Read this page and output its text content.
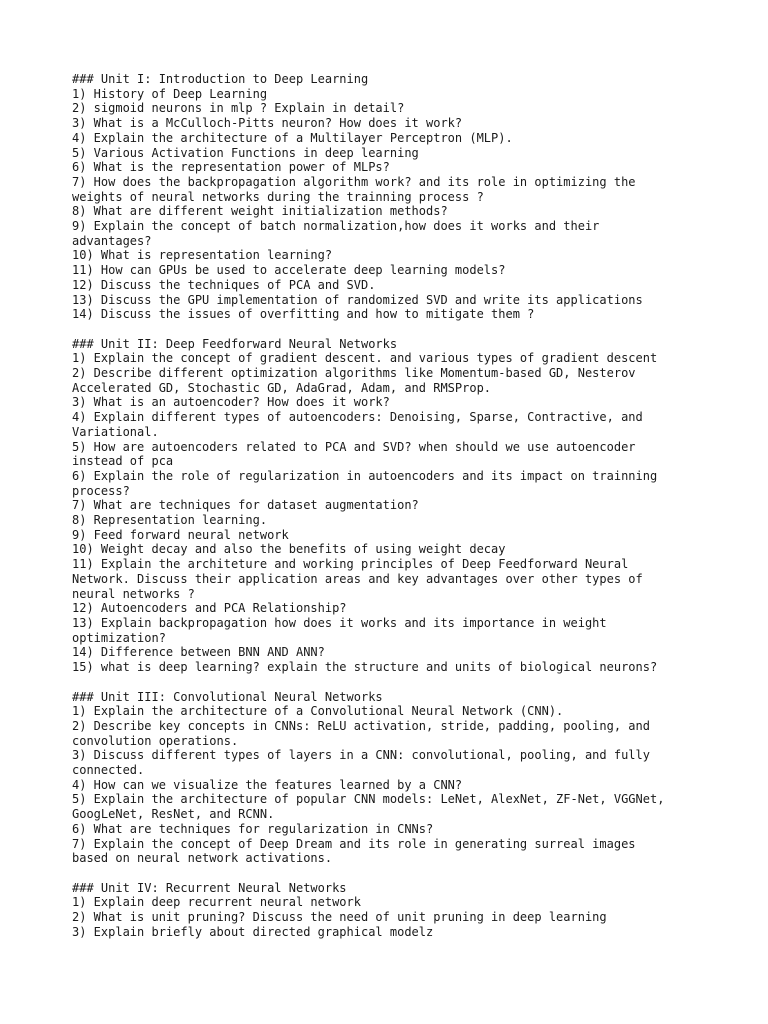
### Unit I: Introduction to Deep Learning
1) History of Deep Learning
2) sigmoid neurons in mlp ? Explain in detail?
3) What is a McCulloch-Pitts neuron? How does it work?
4) Explain the architecture of a Multilayer Perceptron (MLP).
5) Various Activation Functions in deep learning
6) What is the representation power of MLPs?
7) How does the backpropagation algorithm work? and its role in optimizing the
weights of neural networks during the trainning process ?
8) What are different weight initialization methods?
9) Explain the concept of batch normalization,how does it works and their
advantages?
10) What is representation learning?
11) How can GPUs be used to accelerate deep learning models?
12) Discuss the techniques of PCA and SVD.
13) Discuss the GPU implementation of randomized SVD and write its applications
14) Discuss the issues of overfitting and how to mitigate them ?
### Unit II: Deep Feedforward Neural Networks
1) Explain the concept of gradient descent. and various types of gradient descent
2) Describe different optimization algorithms like Momentum-based GD, Nesterov
Accelerated GD, Stochastic GD, AdaGrad, Adam, and RMSProp.
3) What is an autoencoder? How does it work?
4) Explain different types of autoencoders: Denoising, Sparse, Contractive, and
Variational.
5) How are autoencoders related to PCA and SVD? when should we use autoencoder
instead of pca
6) Explain the role of regularization in autoencoders and its impact on trainning
process?
7) What are techniques for dataset augmentation?
8) Representation learning.
9) Feed forward neural network
10) Weight decay and also the benefits of using weight decay
11) Explain the architeture and working principles of Deep Feedforward Neural
Network. Discuss their application areas and key advantages over other types of
neural networks ?
12) Autoencoders and PCA Relationship?
13) Explain backpropagation how does it works and its importance in weight
optimization?
14) Difference between BNN AND ANN?
15) what is deep learning? explain the structure and units of biological neurons?
### Unit III: Convolutional Neural Networks
1) Explain the architecture of a Convolutional Neural Network (CNN).
2) Describe key concepts in CNNs: ReLU activation, stride, padding, pooling, and
convolution operations.
3) Discuss different types of layers in a CNN: convolutional, pooling, and fully
connected.
4) How can we visualize the features learned by a CNN?
5) Explain the architecture of popular CNN models: LeNet, AlexNet, ZF-Net, VGGNet,
GoogLeNet, ResNet, and RCNN.
6) What are techniques for regularization in CNNs?
7) Explain the concept of Deep Dream and its role in generating surreal images
based on neural network activations.
### Unit IV: Recurrent Neural Networks
1) Explain deep recurrent neural network
2) What is unit pruning? Discuss the need of unit pruning in deep learning
3) Explain briefly about directed graphical modelz
